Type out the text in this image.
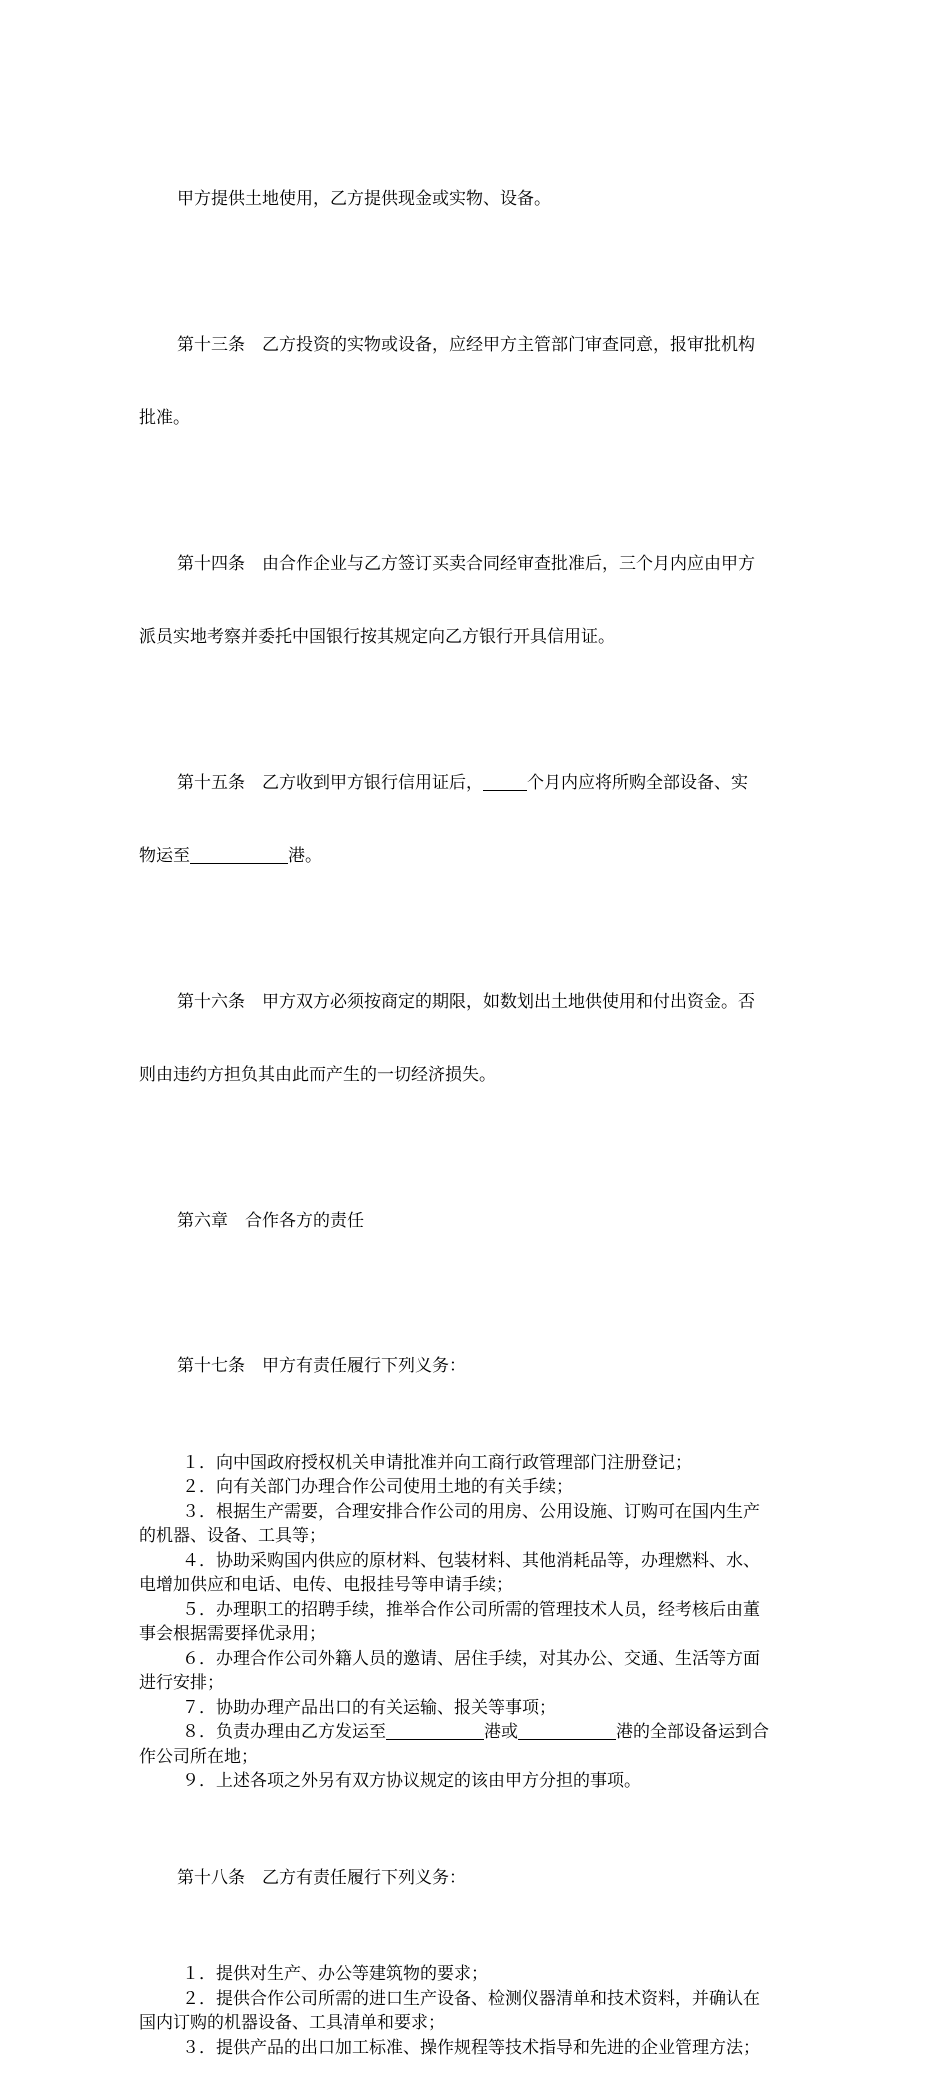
甲方提供土地使用，乙方提供现金或实物、设备。

第十三条　乙方投资的实物或设备，应经甲方主管部门审查同意，报审批机构

批准。

第十四条　由合作企业与乙方签订买卖合同经审查批准后，三个月内应由甲方

派员实地考察并委托中国银行按其规定向乙方银行开具信用证。

第十五条　乙方收到甲方银行信用证后，	个月内应将所购全部设备、实

物运至	港。

第十六条　甲方双方必须按商定的期限，如数划出土地供使用和付出资金。否

则由违约方担负其由此而产生的一切经济损失。

第六章　合作各方的责任

第十七条　甲方有责任履行下列义务：

１．向中国政府授权机关申请批准并向工商行政管理部门注册登记；
２．向有关部门办理合作公司使用土地的有关手续；
３．根据生产需要，合理安排合作公司的用房、公用设施、订购可在国内生产
的机器、设备、工具等；
４．协助采购国内供应的原材料、包装材料、其他消耗品等，办理燃料、水、
电增加供应和电话、电传、电报挂号等申请手续；
５．办理职工的招聘手续，推举合作公司所需的管理技术人员，经考核后由董
事会根据需要择优录用；
６．办理合作公司外籍人员的邀请、居住手续，对其办公、交通、生活等方面
进行安排；
７．协助办理产品出口的有关运输、报关等事项；
８．负责办理由乙方发运至	港或	港的全部设备运到合
作公司所在地；
９．上述各项之外另有双方协议规定的该由甲方分担的事项。

第十八条　乙方有责任履行下列义务：

１．提供对生产、办公等建筑物的要求；
２．提供合作公司所需的进口生产设备、检测仪器清单和技术资料，并确认在
国内订购的机器设备、工具清单和要求；
３．提供产品的出口加工标准、操作规程等技术指导和先进的企业管理方法；
